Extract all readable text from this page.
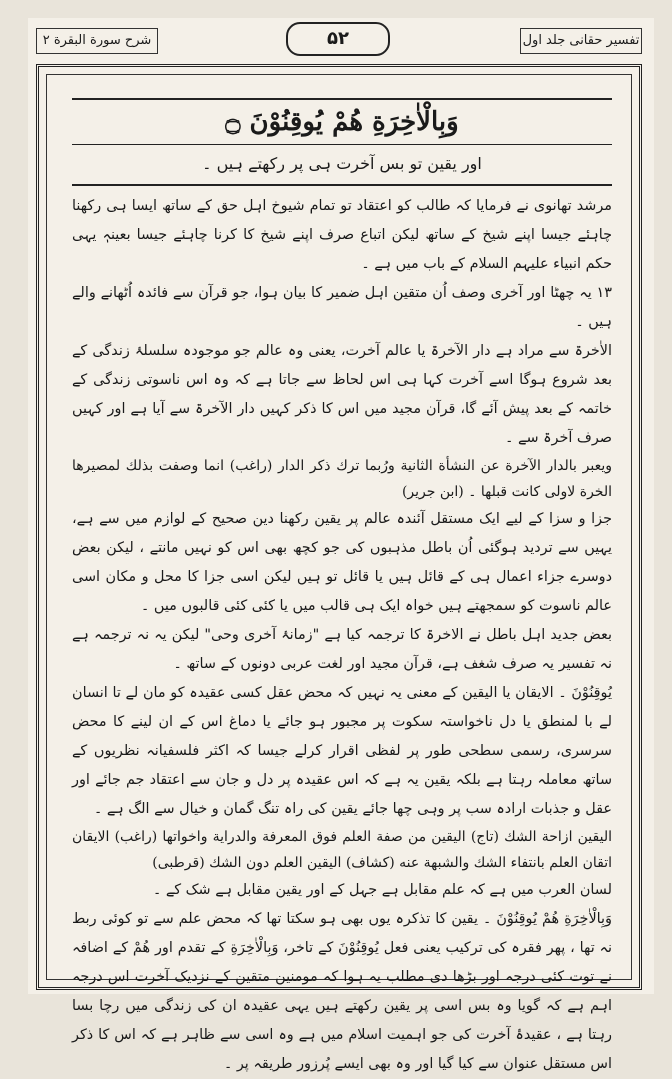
شرح سورة البقرة ۲	۵۲	تفسیر حقانی جلد اول
وَبِالْاٰخِرَةِ هُمْ يُوقِنُوْنَ ۝
اور یقین تو بس آخرت ہی پر رکھتے ہیں ۔

مرشد تھانوی نے فرمایا کہ طالب کو اعتقاد تو تمام شیوخ اہل حق کے ساتھ ایسا ہی رکھنا چاہئے جیسا اپنے شیخ کے ساتھ لیکن اتباع صرف اپنے شیخ کا کرنا چاہئے جیسا بعینہٖ یہی حکم انبیاء علیہم السلام کے باب میں ہے ۔

۱۳ یہ چھٹا اور آخری وصف اُن متقین اہل ضمیر کا بیان ہوا، جو قرآن سے فائدہ اُٹھانے والے ہیں ۔

الاٰخرۃ سے مراد ہے دار الآخرۃ یا عالم آخرت، یعنی وہ عالم جو موجودہ سلسلۂ زندگی کے بعد شروع ہوگا اسے آخرت کہا ہی اس لحاظ سے جاتا ہے کہ وہ اس ناسوتی زندگی کے خاتمہ کے بعد پیش آئے گا، قرآن مجید میں اس کا ذکر کہیں دار الآخرۃ سے آیا ہے اور کہیں صرف آخرۃ سے ۔

ويعبر بالدار الآخرة عن النشأة الثانية ورُبما ترك ذكر الدار (راغب) انما وصفت بذلك لمصيرها الخرة لاولى كانت قبلها ۔ (ابن جرير)

جزا و سزا کے لیے ایک مستقل آئندہ عالم پر یقین رکھنا دین صحیح کے لوازم میں سے ہے، یہیں سے تردید ہوگئی اُن باطل مذہبوں کی جو کچھ بھی اس کو نہیں مانتے ، لیکن بعض دوسرے جزاء اعمال ہی کے قائل ہیں یا قائل تو ہیں لیکن اسی جزا کا محل و مکان اسی عالم ناسوت کو سمجھتے ہیں خواہ ایک ہی قالب میں یا کئی کئی قالبوں میں ۔

بعض جدید اہل باطل نے الاخرۃ کا ترجمہ کیا ہے "زمانۂ آخری وحی" لیکن یہ نہ ترجمہ ہے نہ تفسیر یہ صرف شغف ہے، قرآن مجید اور لغت عربی دونوں کے ساتھ ۔

یُوقِنُوْنَ ۔ الایقان یا الیقین کے معنی یہ نہیں کہ محض عقل کسی عقیدہ کو مان لے تا انسان لے با لمنطق یا دل ناخواستہ سکوت پر مجبور ہو جائے یا دماغ اس کے ان لینے کا محض سرسری، رسمی سطحی طور پر لفظی اقرار کرلے جیسا کہ اکثر فلسفیانہ نظریوں کے ساتھ معاملہ رہتا ہے بلکہ یقین یہ ہے کہ اس عقیدہ پر دل و جان سے اعتقاد جم جائے اور عقل و جذبات ارادہ سب پر وہی چھا جائے یقین کی راہ تنگ گمان و خیال سے الگ ہے ۔

اليقين ازاحة الشك (تاج) اليقين من صفة العلم فوق المعرفة والدراية واخواتها (راغب) الايقان اتقان العلم بانتفاء الشك والشبهة عنه (كشاف) اليقين العلم دون الشك (قرطبی)

لسان العرب میں ہے کہ علم مقابل ہے جہل کے اور یقین مقابل ہے شک کے ۔

وَبِالْاٰخِرَةِ هُمْ يُوقِنُوْنَ ۔ یقین کا تذکرہ یوں بھی ہو سکتا تھا کہ محض علم سے تو کوئی ربط نہ تھا ، پھر فقرہ کی ترکیب یعنی فعل یُوقِنُوْنَ کے تاخر، وَبِالْاٰخِرَةِ کے تقدم اور هُمْ کے اضافہ نے توت کئی درجہ اور بڑھا دی مطلب یہ ہوا کہ مومنین متقین کے نزدیک آخرت اس درجہ اہم ہے کہ گویا وہ بس اسی پر یقین رکھتے ہیں یہی عقیدہ ان کی زندگی میں رچا بسا رہتا ہے ، عقیدۂ آخرت کی جو اہمیت اسلام میں ہے وہ اسی سے ظاہر ہے کہ اس کا ذکر اس مستقل عنوان سے کیا گیا اور وہ بھی ایسے پُرزور طریقہ پر ۔
